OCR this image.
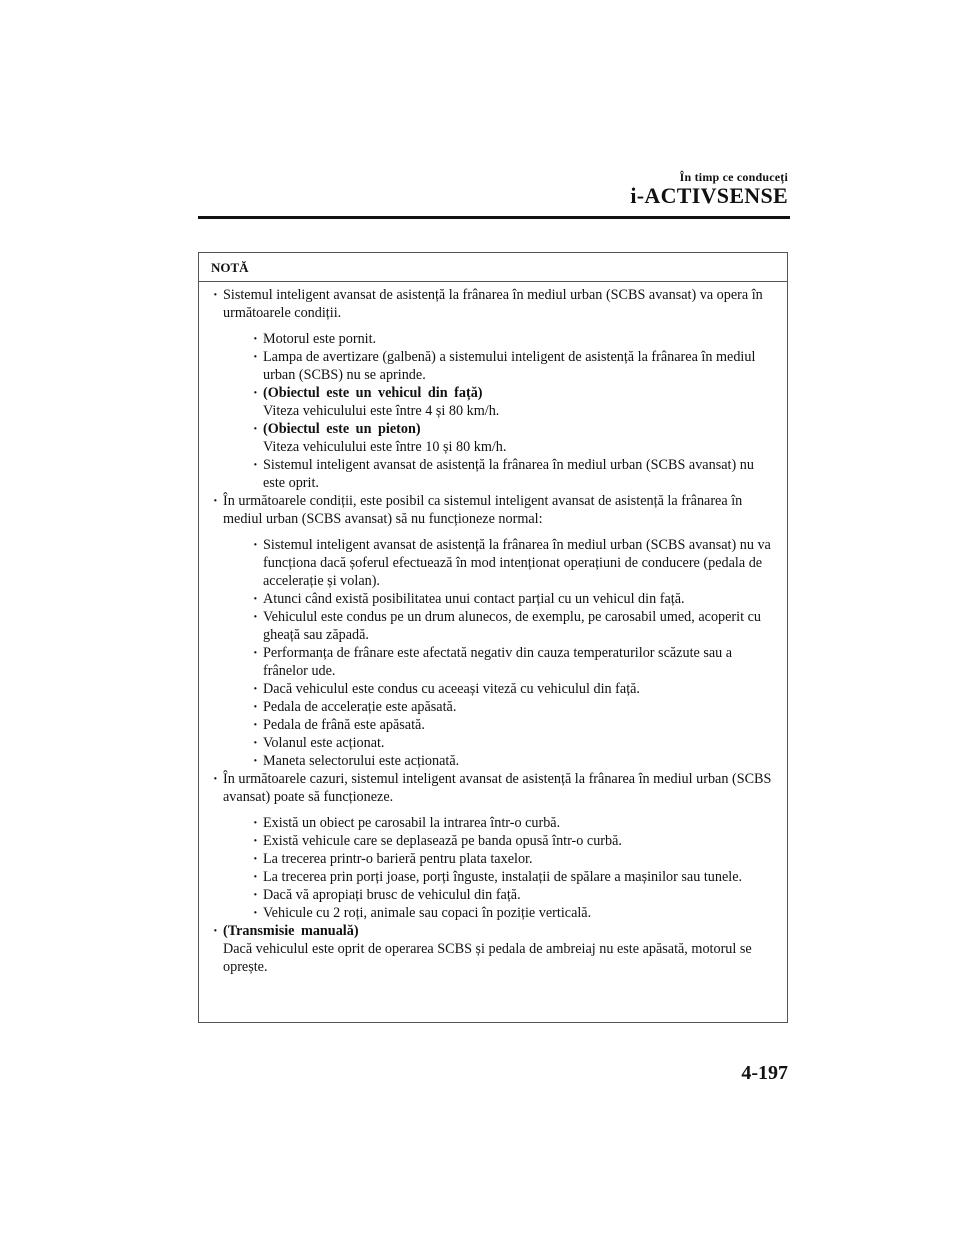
În timp ce conduceți
i-ACTIVSENSE
NOTĂ
· Sistemul inteligent avansat de asistență la frânarea în mediul urban (SCBS avansat) va opera în următoarele condiții.
· Motorul este pornit.
· Lampa de avertizare (galbenă) a sistemului inteligent de asistență la frânarea în mediul urban (SCBS) nu se aprinde.
· (Obiectul este un vehicul din față)
Viteza vehiculului este între 4 și 80 km/h.
· (Obiectul este un pieton)
Viteza vehiculului este între 10 și 80 km/h.
· Sistemul inteligent avansat de asistență la frânarea în mediul urban (SCBS avansat) nu este oprit.
· În următoarele condiții, este posibil ca sistemul inteligent avansat de asistență la frânarea în mediul urban (SCBS avansat) să nu funcționeze normal:
· Sistemul inteligent avansat de asistență la frânarea în mediul urban (SCBS avansat) nu va funcționa dacă șoferul efectuează în mod intenționat operațiuni de conducere (pedala de accelerație și volan).
· Atunci când există posibilitatea unui contact parțial cu un vehicul din față.
· Vehiculul este condus pe un drum alunecos, de exemplu, pe carosabil umed, acoperit cu gheață sau zăpadă.
· Performanța de frânare este afectată negativ din cauza temperaturilor scăzute sau a frânelor ude.
· Dacă vehiculul este condus cu aceeași viteză cu vehiculul din față.
· Pedala de accelerație este apăsată.
· Pedala de frână este apăsată.
· Volanul este acționat.
· Maneta selectorului este acționată.
· În următoarele cazuri, sistemul inteligent avansat de asistență la frânarea în mediul urban (SCBS avansat) poate să funcționeze.
· Există un obiect pe carosabil la intrarea într-o curbă.
· Există vehicule care se deplasează pe banda opusă într-o curbă.
· La trecerea printr-o barieră pentru plata taxelor.
· La trecerea prin porți joase, porți înguste, instalații de spălare a mașinilor sau tunele.
· Dacă vă apropiați brusc de vehiculul din față.
· Vehicule cu 2 roți, animale sau copaci în poziție verticală.
· (Transmisie manuală)
Dacă vehiculul este oprit de operarea SCBS și pedala de ambreiaj nu este apăsată, motorul se oprește.
4-197
